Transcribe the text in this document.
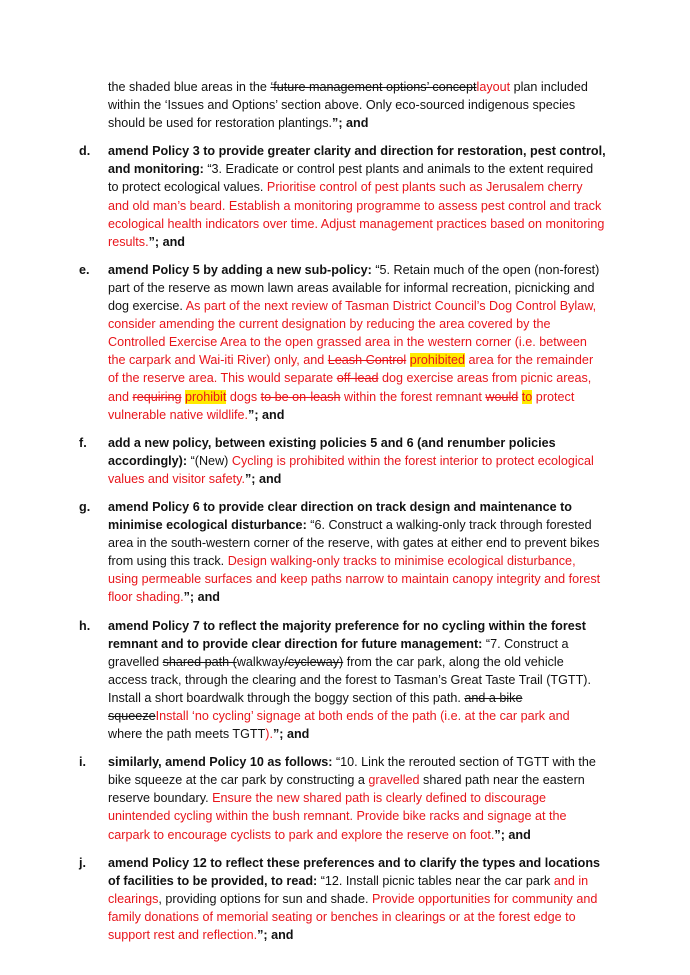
the shaded blue areas in the ‘future management options’ conceptlayout plan included within the ‘Issues and Options’ section above. Only eco-sourced indigenous species should be used for restoration plantings.”; and

d. amend Policy 3 to provide greater clarity and direction for restoration, pest control, and monitoring: “3. Eradicate or control pest plants and animals to the extent required to protect ecological values. Prioritise control of pest plants such as Jerusalem cherry and old man’s beard. Establish a monitoring programme to assess pest control and track ecological health indicators over time. Adjust management practices based on monitoring results.”; and

e. amend Policy 5 by adding a new sub-policy: “5. Retain much of the open (non-forest) part of the reserve as mown lawn areas available for informal recreation, picnicking and dog exercise. As part of the next review of Tasman District Council’s Dog Control Bylaw, consider amending the current designation by reducing the area covered by the Controlled Exercise Area to the open grassed area in the western corner (i.e. between the carpark and Wai-iti River) only, and Leash Control prohibited area for the remainder of the reserve area. This would separate off-lead dog exercise areas from picnic areas, and requiring prohibit dogs to be on-leash within the forest remnant would to protect vulnerable native wildlife.”; and

f. add a new policy, between existing policies 5 and 6 (and renumber policies accordingly): “(New) Cycling is prohibited within the forest interior to protect ecological values and visitor safety.”; and

g. amend Policy 6 to provide clear direction on track design and maintenance to minimise ecological disturbance: “6. Construct a walking-only track through forested area in the south-western corner of the reserve, with gates at either end to prevent bikes from using this track. Design walking-only tracks to minimise ecological disturbance, using permeable surfaces and keep paths narrow to maintain canopy integrity and forest floor shading.”; and

h. amend Policy 7 to reflect the majority preference for no cycling within the forest remnant and to provide clear direction for future management: “7. Construct a gravelled shared path (walkway/cycleway) from the car park, along the old vehicle access track, through the clearing and the forest to Tasman’s Great Taste Trail (TGTT). Install a short boardwalk through the boggy section of this path. and a bike squeezeInstall ‘no cycling’ signage at both ends of the path (i.e. at the car park and where the path meets TGTT).”; and

i. similarly, amend Policy 10 as follows: “10. Link the rerouted section of TGTT with the bike squeeze at the car park by constructing a gravelled shared path near the eastern reserve boundary. Ensure the new shared path is clearly defined to discourage unintended cycling within the bush remnant. Provide bike racks and signage at the carpark to encourage cyclists to park and explore the reserve on foot.”; and

j. amend Policy 12 to reflect these preferences and to clarify the types and locations of facilities to be provided, to read: “12. Install picnic tables near the car park and in clearings, providing options for sun and shade. Provide opportunities for community and family donations of memorial seating or benches in clearings or at the forest edge to support rest and reflection.”; and
